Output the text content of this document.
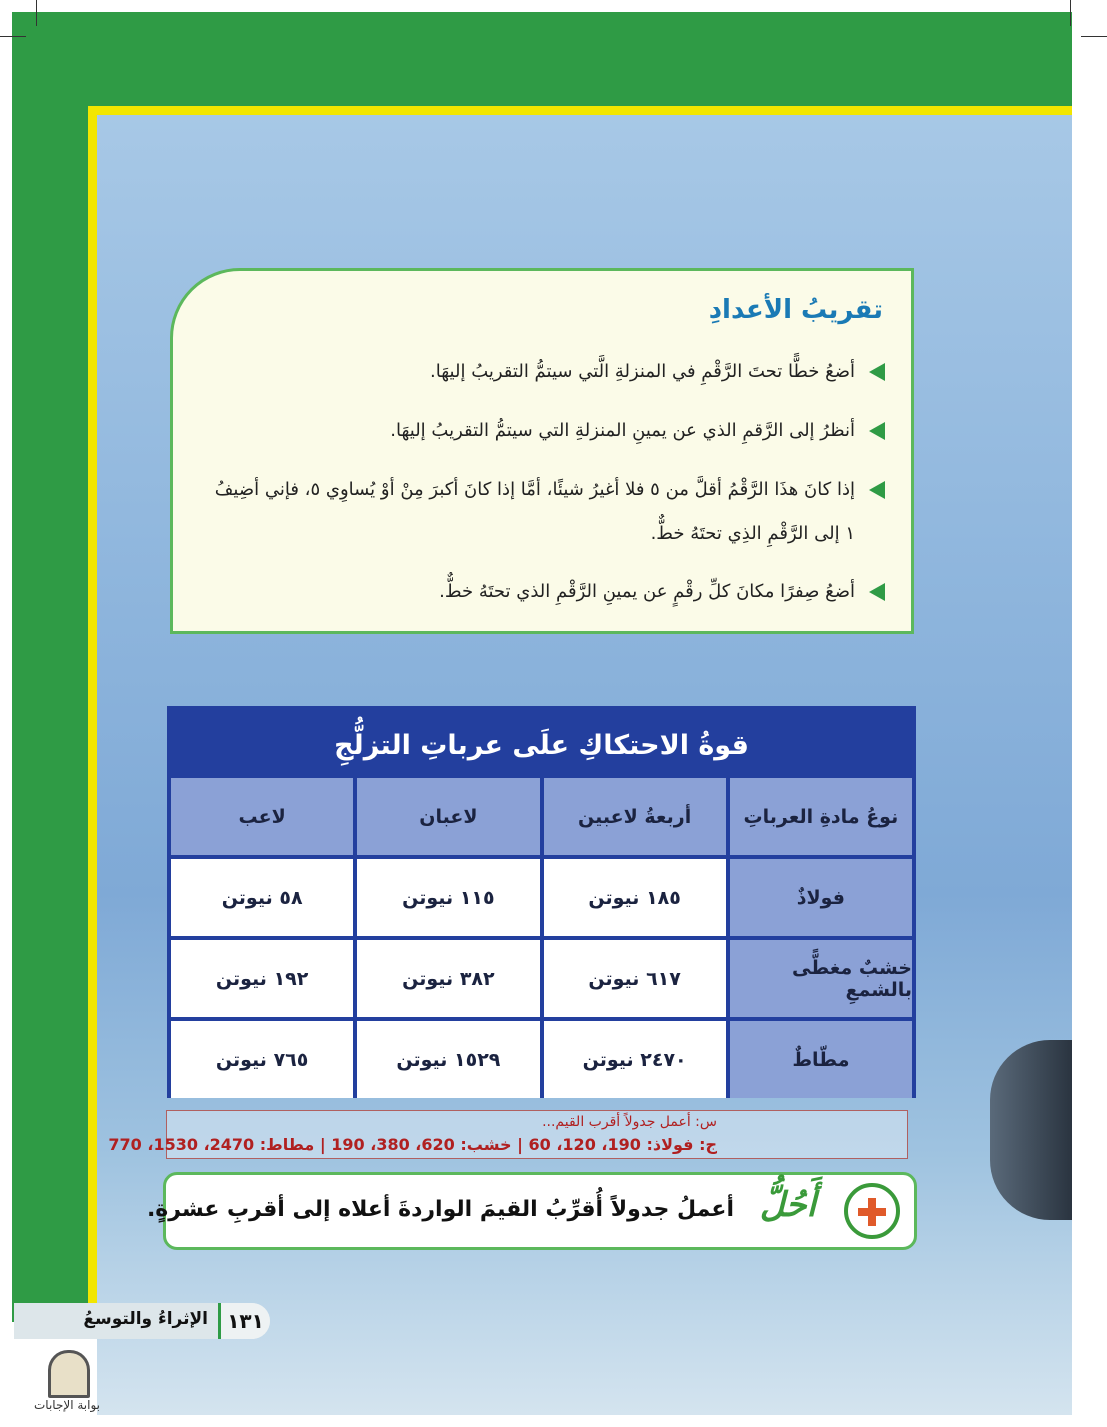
تقريبُ الأعدادِ
أضعُ خطًّا تحتَ الرَّقْمِ في المنزلةِ الَّتي سيتمُّ التقريبُ إليهَا.
أنظرُ إلى الرَّقمِ الذي عن يمينِ المنزلةِ التي سيتمُّ التقريبُ إليهَا.
إذا كانَ هذَا الرَّقْمُ أقلَّ من ٥ فلا أغيرُ شيئًا، أمَّا إذا كانَ أكبرَ مِنْ أوْ يُساوِي ٥، فإني أضِيفُ ١ إلى الرَّقْمِ الذِي تحتَهُ خطٌّ.
أضعُ صِفرًا مكانَ كلِّ رقْمٍ عن يمينِ الرَّقْمِ الذي تحتَهُ خطٌّ.
قوةُ الاحتكاكِ علَى عرباتِ التزلُّجِ
نوعُ مادةِ العرباتِ
أربعةُ لاعبين
لاعبان
لاعب
فولاذٌ
١٨٥ نيوتن
١١٥ نيوتن
٥٨ نيوتن
خشبٌ مغطًّى بالشمعِ
٦١٧ نيوتن
٣٨٢ نيوتن
١٩٢ نيوتن
مطّاطٌ
٢٤٧٠ نيوتن
١٥٢٩ نيوتن
٧٦٥ نيوتن
س: أعمل جدولاً أقرب القيم...
ج: فولاذ: 190، 120، 60 | خشب: 620، 380، 190 | مطاط: 2470، 1530، 770
أَحُلُّ
أعملُ جدولاً أُقرِّبُ القيمَ الواردةَ أعلاه إلى أقربِ عشرةٍ.
١٣١
الإثراءُ والتوسعُ
بوابة الإجابات
